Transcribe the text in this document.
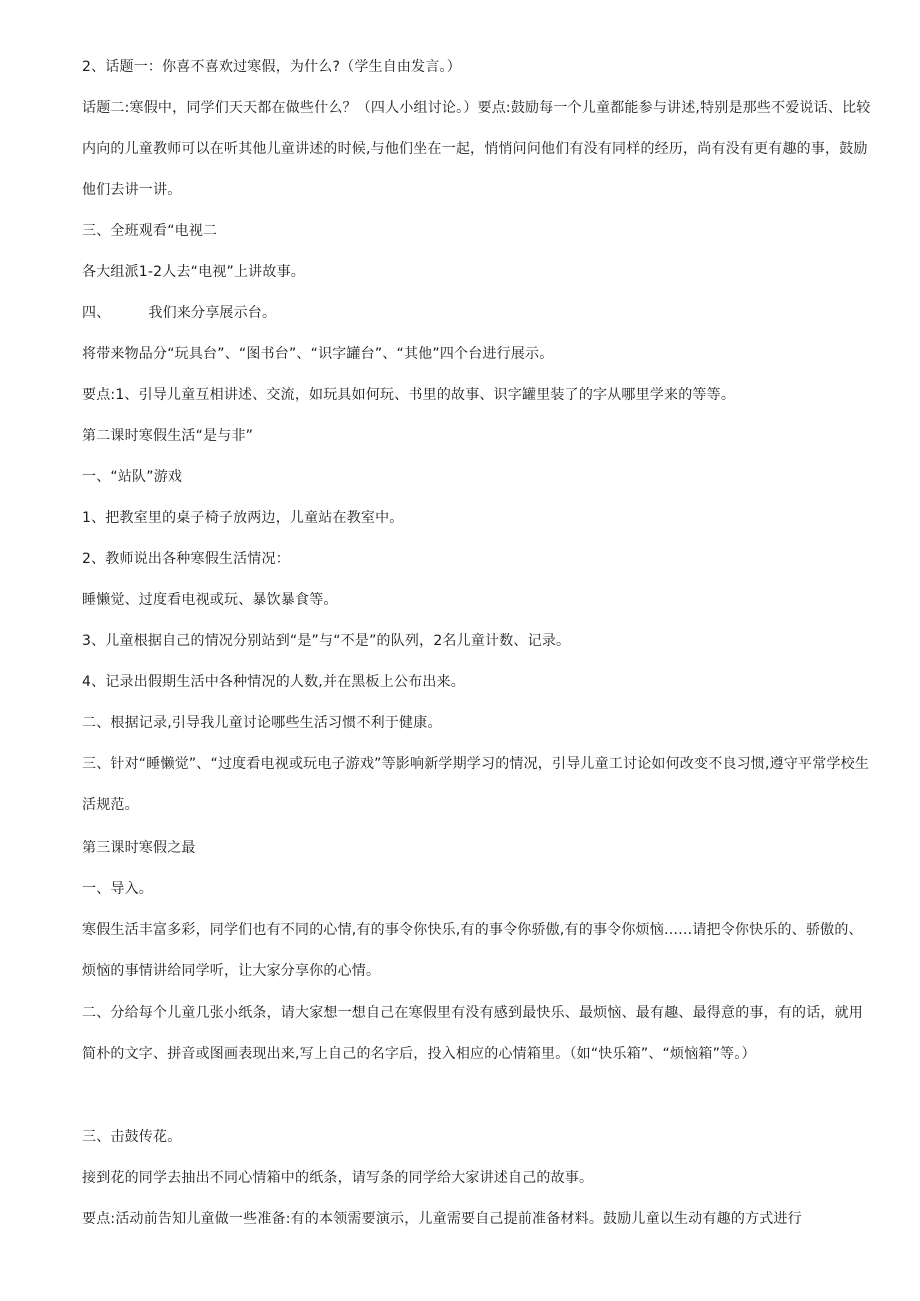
2、话题一：你喜不喜欢过寒假，为什么?（学生自由发言。）
话题二:寒假中，同学们天天都在做些什么？（四人小组讨论。）要点:鼓励每一个儿童都能参与讲述,特别是那些不爱说话、比较内向的儿童教师可以在听其他儿童讲述的时候,与他们坐在一起，悄悄问问他们有没有同样的经历，尚有没有更有趣的事，鼓励他们去讲一讲。
三、全班观看“电视二
各大组派1-2人去“电视”上讲故事。
四、	我们来分享展示台。
将带来物品分“玩具台”、“图书台”、“识字罐台”、“其他”四个台进行展示。
要点:1、引导儿童互相讲述、交流，如玩具如何玩、书里的故事、识字罐里装了的字从哪里学来的等等。
第二课时寒假生活“是与非”
一、“站队”游戏
1、把教室里的桌子椅子放两边，儿童站在教室中。
2、教师说出各种寒假生活情况：
睡懒觉、过度看电视或玩、暴饮暴食等。
3、儿童根据自己的情况分别站到“是”与“不是”的队列，2名儿童计数、记录。
4、记录出假期生活中各种情况的人数,并在黑板上公布出来。
二、根据记录,引导我儿童讨论哪些生活习惯不利于健康。
三、针对“睡懒觉”、“过度看电视或玩电子游戏”等影响新学期学习的情况，引导儿童工讨论如何改变不良习惯,遵守平常学校生活规范。
第三课时寒假之最
一、导入。
寒假生活丰富多彩，同学们也有不同的心情,有的事令你快乐,有的事令你骄傲,有的事令你烦恼……请把令你快乐的、骄傲的、烦恼的事情讲给同学听，让大家分享你的心情。
二、分给每个儿童几张小纸条，请大家想一想自己在寒假里有没有感到最快乐、最烦恼、最有趣、最得意的事，有的话，就用简朴的文字、拼音或图画表现出来,写上自己的名字后，投入相应的心情箱里。（如“快乐箱”、“烦恼箱”等。）
三、击鼓传花。
接到花的同学去抽出不同心情箱中的纸条，请写条的同学给大家讲述自己的故事。
要点:活动前告知儿童做一些准备:有的本领需要演示，儿童需要自己提前准备材料。鼓励儿童以生动有趣的方式进行
